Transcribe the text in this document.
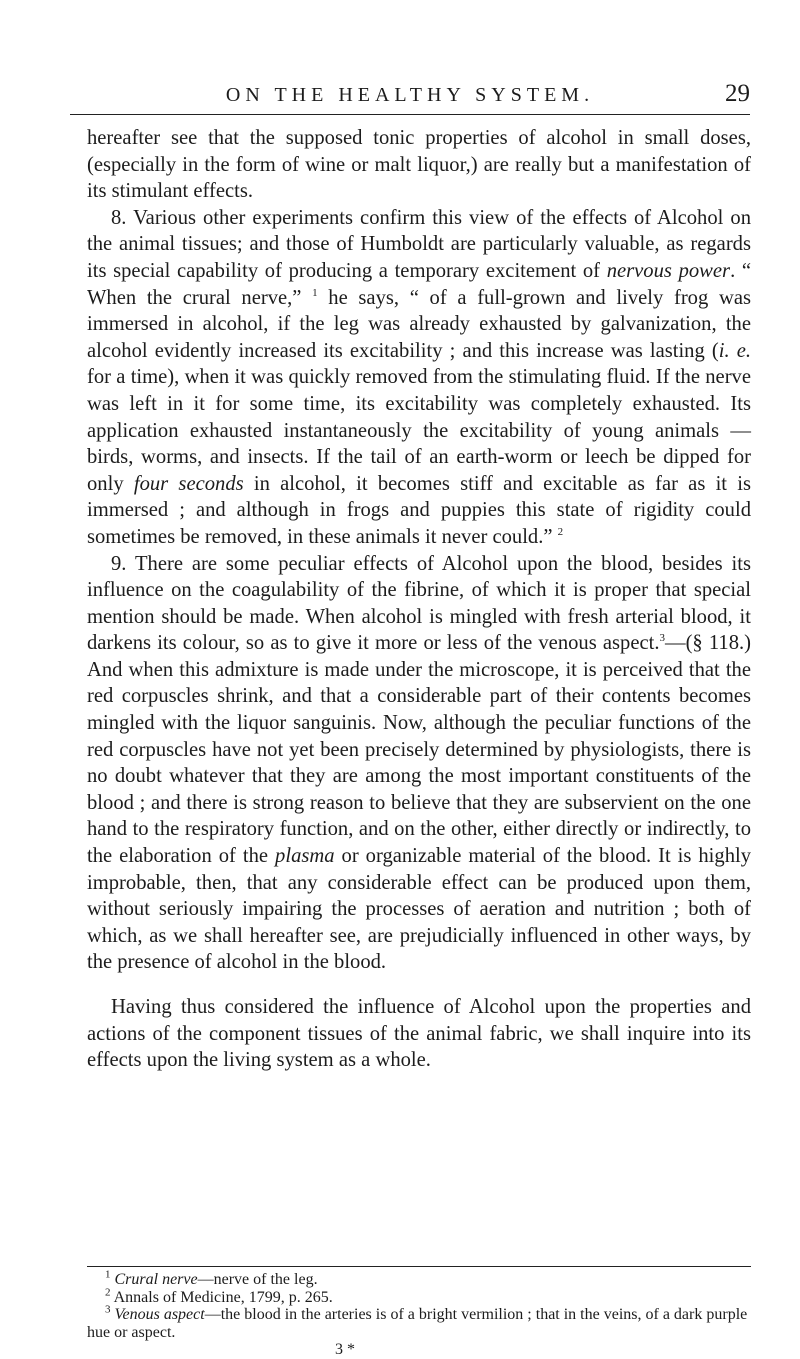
ON THE HEALTHY SYSTEM.	29

hereafter see that the supposed tonic properties of alcohol in small doses, (especially in the form of wine or malt liquor,) are really but a manifestation of its stimulant effects.

8. Various other experiments confirm this view of the effects of Alcohol on the animal tissues; and those of Humboldt are particularly valuable, as regards its special capability of producing a temporary excitement of nervous power. “ When the crural nerve,” $^1$ he says, “ of a full-grown and lively frog was immersed in alcohol, if the leg was already exhausted by galvanization, the alcohol evidently increased its excitability ; and this increase was lasting (i. e. for a time), when it was quickly removed from the stimulating fluid. If the nerve was left in it for some time, its excitability was completely exhausted. Its application exhausted instantaneously the excitability of young animals — birds, worms, and insects. If the tail of an earth-worm or leech be dipped for only four seconds in alcohol, it becomes stiff and excitable as far as it is immersed ; and although in frogs and puppies this state of rigidity could sometimes be removed, in these animals it never could.” $^2$

9. There are some peculiar effects of Alcohol upon the blood, besides its influence on the coagulability of the fibrine, of which it is proper that special mention should be made. When alcohol is mingled with fresh arterial blood, it darkens its colour, so as to give it more or less of the venous aspect.$^3$—(§ 118.) And when this admixture is made under the microscope, it is perceived that the red corpuscles shrink, and that a considerable part of their contents becomes mingled with the liquor sanguinis. Now, although the peculiar functions of the red corpuscles have not yet been precisely determined by physiologists, there is no doubt whatever that they are among the most important constituents of the blood ; and there is strong reason to believe that they are subservient on the one hand to the respiratory function, and on the other, either directly or indirectly, to the elaboration of the plasma or organizable material of the blood. It is highly improbable, then, that any considerable effect can be produced upon them, without seriously impairing the processes of aeration and nutrition ; both of which, as we shall hereafter see, are prejudicially influenced in other ways, by the presence of alcohol in the blood.

Having thus considered the influence of Alcohol upon the properties and actions of the component tissues of the animal fabric, we shall inquire into its effects upon the living system as a whole.

$^1$ Crural nerve—nerve of the leg.

$^2$ Annals of Medicine, 1799, p. 265.

$^3$ Venous aspect—the blood in the arteries is of a bright vermilion ; that in the veins, of a dark purple hue or aspect.

3 *
